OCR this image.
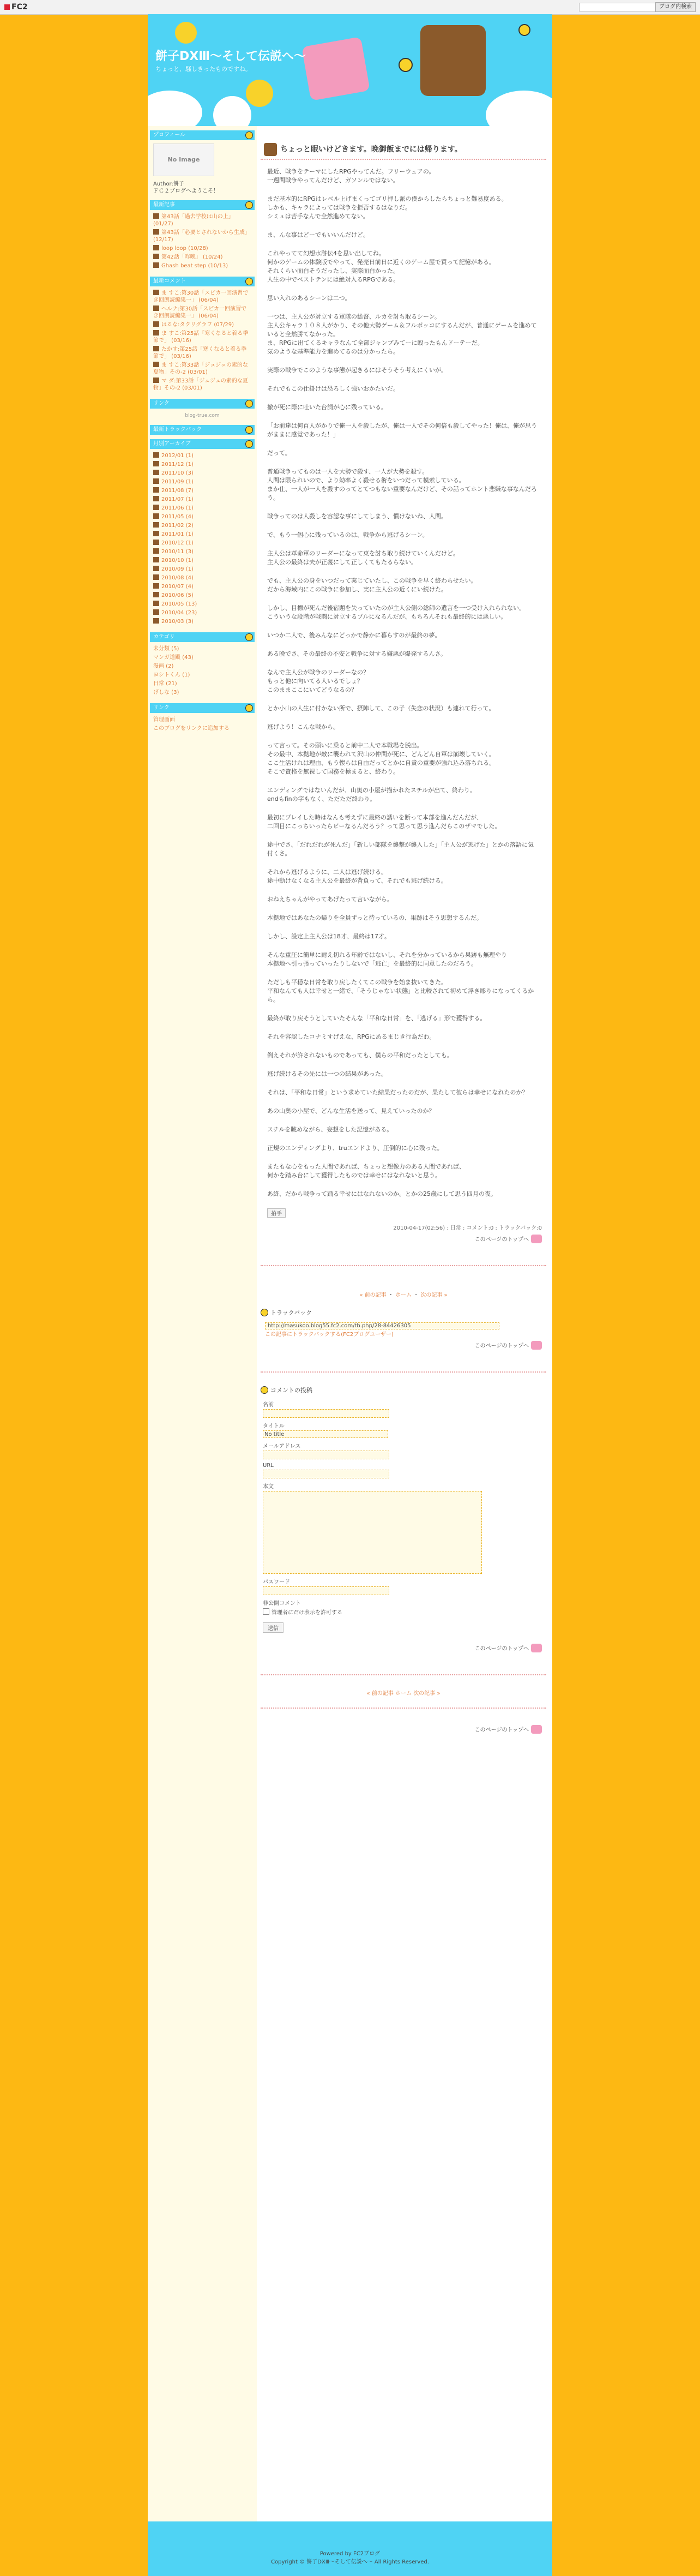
FC2	ブログ内検索
餅子DXⅢ〜そして伝説へ〜
ちょっと、騒しきったものですね。
プロフィール
No Image
Author:餅子
ＦＣ２ブログへようこそ！
最新記事
第43話「過去学校は山の上」 (01/27)
第43話「必要とされないから生成」 (12/17)
loop loop (10/28)
第42話「昨晩」 (10/24)
Ghash beat step (10/13)
最新コメント
ま すこ:第30話「スピカ一回演習でき回朗読編集一」 (06/04)
ヘルナ:第30話「スピカ一回演習でき回朗読編集一」 (06/04)
はるな:タクリグラフ (07/29)
ま すこ:第25話「寒くなると着る季節で」 (03/16)
たかす:第25話「寒くなると着る季節で」 (03/16)
ま すこ:第33話「ジュジュの素的な夏物」その-2 (03/01)
マ ダ:第33話「ジュジュの素的な夏物」その-2 (03/01)
リンク
blog-true.com
最新トラックバック
月別アーカイブ
2012/01 (1)
2011/12 (1)
2011/10 (3)
2011/09 (1)
2011/08 (7)
2011/07 (1)
2011/06 (1)
2011/05 (4)
2011/02 (2)
2011/01 (1)
2010/12 (1)
2010/11 (3)
2010/10 (1)
2010/09 (1)
2010/08 (4)
2010/07 (4)
2010/06 (5)
2010/05 (13)
2010/04 (23)
2010/03 (3)
カテゴリ
未分類 (5)
マンガ道殿 (43)
漫画 (2)
ヨシトくん (1)
日常 (21)
げしな (3)
リンク
管理画面
このブログをリンクに追加する
ちょっと眠いけどきます。晩御飯までには帰ります。

最近、戦争をテーマにしたRPGやってんだ。フリーウェアの。
一週間戦争やってんだけど、ガソンルではない。

まだ基本的にRPGはレベル上げまくってゴリ押し派の僕からしたらちょっと難易度ある。
しかも、キャラによっては戦争を拒否するはなりだ。
シミュは苦手なんで全然進めてない。

ま、んな事はどーでもいいんだけど。

これやってて幻想水滸伝4を思い出してね。
何かのゲームの体験版でやって、発売日前日に近くのゲーム屋で買って記憶がある。
それくらい面白そうだったし、実際面白かった。
人生の中でベストテンには絶対入るRPGである。

思い入れのあるシーンは二つ。

一つは、主人公が対立する軍隊の総督、ルカを討ち取るシーン。
主人公キャラ１０８人がかり、その他大勢ゲーム＆フルボッコにするんだが、普通にゲームを進めていると全然勝てなかった。
ま、RPGに出てくるキャラなんて全部ジャンプみてーに殴ったもんドーテーだ。
気のような基準能力を進めてるのは分かったら。

実際の戦争でこのような事態が起きるにはそうそう考えにくいが。

それでもこの仕掛けは恐ろしく強いおかたいだ。

撤が死に際に吐いた台詞が心に残っている。

「お前達は何百人がかりで俺一人を殺したが、俺は一人でその何倍も殺してやった！俺は、俺が思うがままに感覚であった！」

だって。

普通戦争ってものは一人を大勢で殺す、一人が大勢を殺す。
人間は限られいので、より効率よく殺せる術をいつだって模索している。
まか仕、一人が一人を殺すのってとてつもない重要なんだけど、その話ってホント悲嫌な事なんだろう。

戦争ってのは人殺しを容認な事にしてしまう、慣けないね、人間。

で、もう一個心に残っているのは、戦争から逃げるシーン。

主人公は革命軍のリーダーになって東を討ち取り続けていくんだけど。
主人公の最終は夫が正義にして正しくてもたるらない。

でも、主人公の身をいつだって案じていたし、この戦争を早く終わらせたい。
だから海域内にこの戦争に参加し、実に主人公の近くにい続けた。

しかし、目標が死んだ後宿題を失っていたのが主人公側の総師の遺言を一つ受け入れられない。
こういうな段階が戦闘に対立するプルになるんだが、もちろんそれも最終的には悪しい。

いつか二人で、後みんなにどっかで静かに暮らすのが最終の夢。

ある晩でさ、その最終の不安と戦争に対する嫌悪が爆発するんさ。

なんで主人公が戦争のリーダーなの？
もっと他に向いてる人いるでしょ？
このままここにいてどうなるの？

とか小山の人生に付かない所で、摂陣して、この子（失恋の状況）も連れて行って。

逃げよう！こんな戦から。

って言って。その頭いに乗ると前中二人で本戦場を脱出。
その最中、本拠地が敵に襲われて沢山の仲間が死に、どんどん自軍は崩壊していく。
ここ生活けれは理由、もう懐らは自由だってとかに自責の重要が強れ込み落ちれる。
そこで資格を無視して国務を極まると、終わり。

エンディングではないんだが、山奥の小屋が描かれたスチルが出て、終わり。
endもfinの字もなく、ただただ終わり。

最初にプレイした時はなんも考えずに最終の誘いを断って本部を進んだんだが、
二回目にこっちいったらビーなるんだろう？って思って思う進んだらこのザマでした。

途中でさ、「だれだれが死んだ」「新しい部隊を襲撃が襲入した」「主人公が逃げた」とかの落語に気付くさ。

それから逃げるように、二人は逃げ続ける。
途中動けなくなる主人公を最終が背負って、それでも逃げ続ける。

おねえちゃんがやってあげたって言いながら。

本拠地ではあなたの帰りを全員ずっと待っているの、果跡はそう思想するんだ。

しかし、設定上主人公は18才、最終は17才。

そんな重圧に簡単に耐え切れる年齢ではないし、それを分かっているから果跡も無理やり
本拠地へ引っ張っていったりしないで「逃亡」を最終的に同意したのだろう。

ただしも平穏な日常を取り戻したくてこの戦争を始ま抜いてきた。
平和なんても人は幸せと一緒で、「そうじゃない状態」と比較されて初めて浮き彫りになってくるから。

最終が取り戻そうとしていたそんな「平和な日常」を、「逃げる」形で獲得する。

それを容認したコナミすげえな、RPGにあるまじき行為だわ。

例えそれが許されないものであっても、僕らの平和だったとしても。

逃げ続けるその先には一つの結果があった。

それは、「平和な日常」という求めていた結果だったのだが、果たして彼らは幸せになれたのか？

あの山奥の小屋で、どんな生活を送って、見えていったのか？

スチルを眺めながら、妄想をした記憶がある。

正規のエンディングより、truエンドより、圧倒的に心に残った。

またもな心をもった人間であれば、ちょっと想像力のある人間であれば、
何かを踏み台にして獲得したものでは幸せにはなれないと思う。

あ終、だから戦争って踊る幸せにはなれないのか。とかの25歳にして思う四月の夜。

拍手
2010-04-17(02:56) : 日常 : コメント:0 : トラックバック:0
このページのトップへ
« 前の記事 ・ ホーム ・ 次の記事 »
トラックバック
http://masukoo.blog55.fc2.com/tb.php/28-84426305
この記事にトラックバックする(FC2ブログユーザー)
このページのトップへ
コメントの投稿
名前
タイトル
No title
メールアドレス
URL
本文
パスワード
非公開コメント
管理者にだけ表示を許可する
送信
このページのトップへ
« 前の記事 ホーム 次の記事 »
このページのトップへ
Powered by FC2ブログ
Copyright © 餅子DXⅢ〜そして伝説へ〜 All Rights Reserved.
